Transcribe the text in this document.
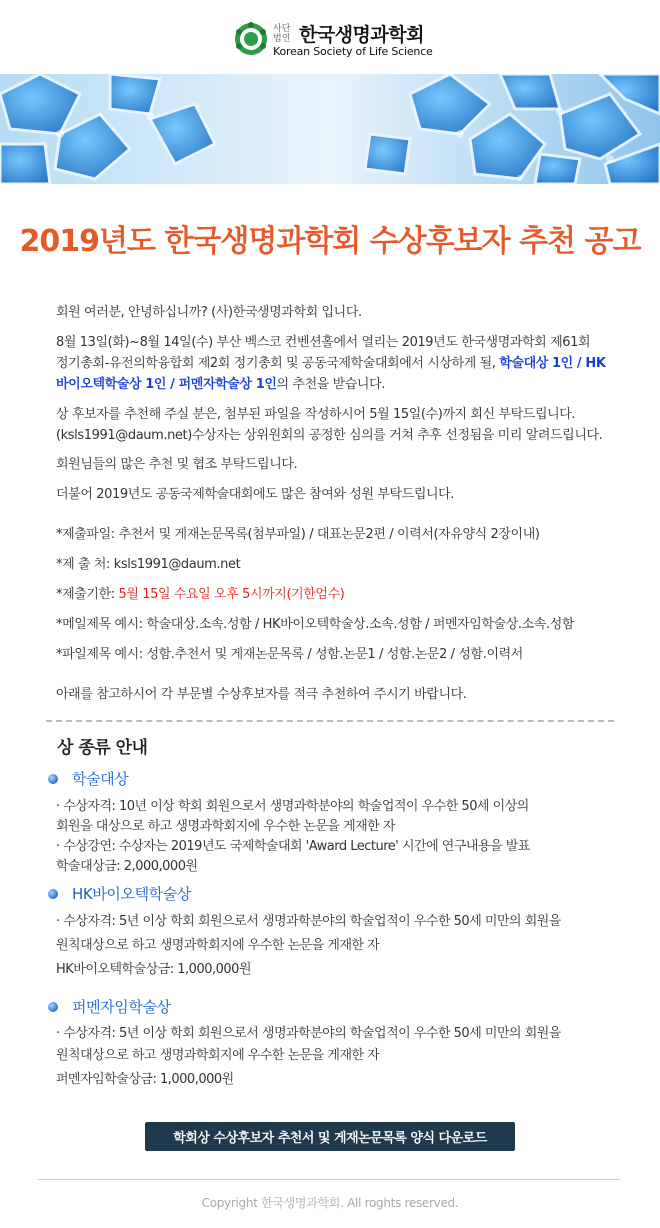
사단
법인 한국생명과학회
Korean Society of Life Science
2019년도 한국생명과학회 수상후보자 추천 공고

회원 여러분, 안녕하십니까? (사)한국생명과학회 입니다.

8월 13일(화)~8월 14일(수) 부산 벡스코 컨벤션홀에서 열리는 2019년도 한국생명과학회 제61회
정기총회-유전의학융합회 제2회 정기총회 및 공동국제학술대회에서 시상하게 될, 학술대상 1인 / HK
바이오텍학술상 1인 / 퍼멘자학술상 1인의 추천을 받습니다.

상 후보자를 추천해 주실 분은, 첨부된 파일을 작성하시어 5월 15일(수)까지 회신 부탁드립니다.
(ksls1991@daum.net)수상자는 상위원회의 공정한 심의를 거쳐 추후 선정됨을 미리 알려드립니다.

회원님들의 많은 추천 및 협조 부탁드립니다.

더불어 2019년도 공동국제학술대회에도 많은 참여와 성원 부탁드립니다.

*제출파일: 추천서 및 게재논문목록(첨부파일) / 대표논문2편 / 이력서(자유양식 2장이내)

*제 출 처: ksls1991@daum.net

*제출기한: 5월 15일 수요일 오후 5시까지(기한엄수)

*메일제목 예시: 학술대상.소속.성함 / HK바이오텍학술상.소속.성함 / 퍼멘자임학술상.소속.성함

*파일제목 예시: 성함.추천서 및 게재논문목록 / 성함.논문1 / 성함.논문2 / 성함.이력서

아래를 참고하시어 각 부문별 수상후보자를 적극 추천하여 주시기 바랍니다.

상 종류 안내
학술대상
· 수상자격: 10년 이상 학회 회원으로서 생명과학분야의 학술업적이 우수한 50세 이상의
회원을 대상으로 하고 생명과학회지에 우수한 논문을 게재한 자
· 수상강연: 수상자는 2019년도 국제학술대회 'Award Lecture' 시간에 연구내용을 발표
학술대상금: 2,000,000원
HK바이오텍학술상
· 수상자격: 5년 이상 학회 회원으로서 생명과학분야의 학술업적이 우수한 50세 미만의 회원을
원칙대상으로 하고 생명과학회지에 우수한 논문을 게재한 자
HK바이오텍학술상금: 1,000,000원
퍼멘자임학술상
· 수상자격: 5년 이상 학회 회원으로서 생명과학분야의 학술업적이 우수한 50세 미만의 회원을
원칙대상으로 하고 생명과학회지에 우수한 논문을 게재한 자
퍼멘자임학술상금: 1,000,000원
학회상 수상후보자 추천서 및 게재논문목록 양식 다운로드
Copyright 한국생명과학회. All roghts reserved.
